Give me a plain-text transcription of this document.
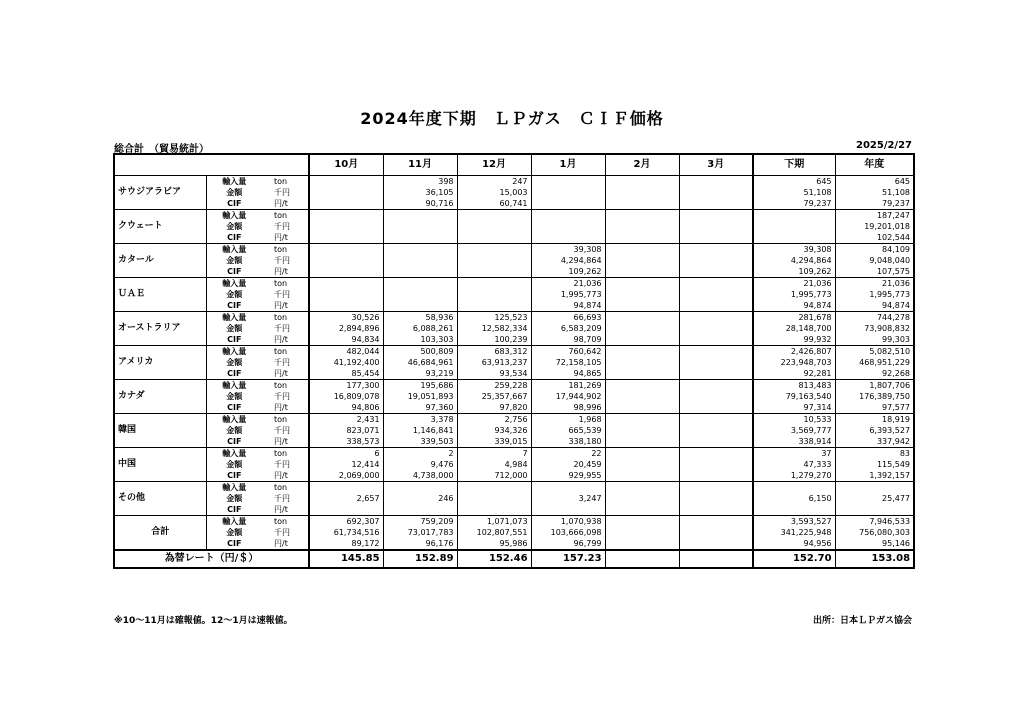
2024年度下期　ＬＰガス　ＣＩＦ価格
総合計　（貿易統計）	2025/2/27
			10月	11月	12月	1月	2月	3月	下期	年度
サウジアラビア	輸入量	ton		398	247				645	645
	金額	千円		36,105	15,003				51,108	51,108
	CIF	円/t		90,716	60,741				79,237	79,237
クウェート	輸入量	ton								187,247
	金額	千円								19,201,018
	CIF	円/t								102,544
カタール	輸入量	ton				39,308			39,308	84,109
	金額	千円				4,294,864			4,294,864	9,048,040
	CIF	円/t				109,262			109,262	107,575
ＵＡＥ	輸入量	ton				21,036			21,036	21,036
	金額	千円				1,995,773			1,995,773	1,995,773
	CIF	円/t				94,874			94,874	94,874
オーストラリア	輸入量	ton	30,526	58,936	125,523	66,693			281,678	744,278
	金額	千円	2,894,896	6,088,261	12,582,334	6,583,209			28,148,700	73,908,832
	CIF	円/t	94,834	103,303	100,239	98,709			99,932	99,303
アメリカ	輸入量	ton	482,044	500,809	683,312	760,642			2,426,807	5,082,510
	金額	千円	41,192,400	46,684,961	63,913,237	72,158,105			223,948,703	468,951,229
	CIF	円/t	85,454	93,219	93,534	94,865			92,281	92,268
カナダ	輸入量	ton	177,300	195,686	259,228	181,269			813,483	1,807,706
	金額	千円	16,809,078	19,051,893	25,357,667	17,944,902			79,163,540	176,389,750
	CIF	円/t	94,806	97,360	97,820	98,996			97,314	97,577
韓国	輸入量	ton	2,431	3,378	2,756	1,968			10,533	18,919
	金額	千円	823,071	1,146,841	934,326	665,539			3,569,777	6,393,527
	CIF	円/t	338,573	339,503	339,015	338,180			338,914	337,942
中国	輸入量	ton	6	2	7	22			37	83
	金額	千円	12,414	9,476	4,984	20,459			47,333	115,549
	CIF	円/t	2,069,000	4,738,000	712,000	929,955			1,279,270	1,392,157
その他	輸入量	ton								
	金額	千円	2,657	246		3,247			6,150	25,477
	CIF	円/t								
合計	輸入量	ton	692,307	759,209	1,071,073	1,070,938			3,593,527	7,946,533
	金額	千円	61,734,516	73,017,783	102,807,551	103,666,098			341,225,948	756,080,303
	CIF	円/t	89,172	96,176	95,986	96,799			94,956	95,146
為替レート（円/＄）			145.85	152.89	152.46	157.23			152.70	153.08
※10〜11月は確報値。12〜1月は速報値。	出所：日本ＬＰガス協会
